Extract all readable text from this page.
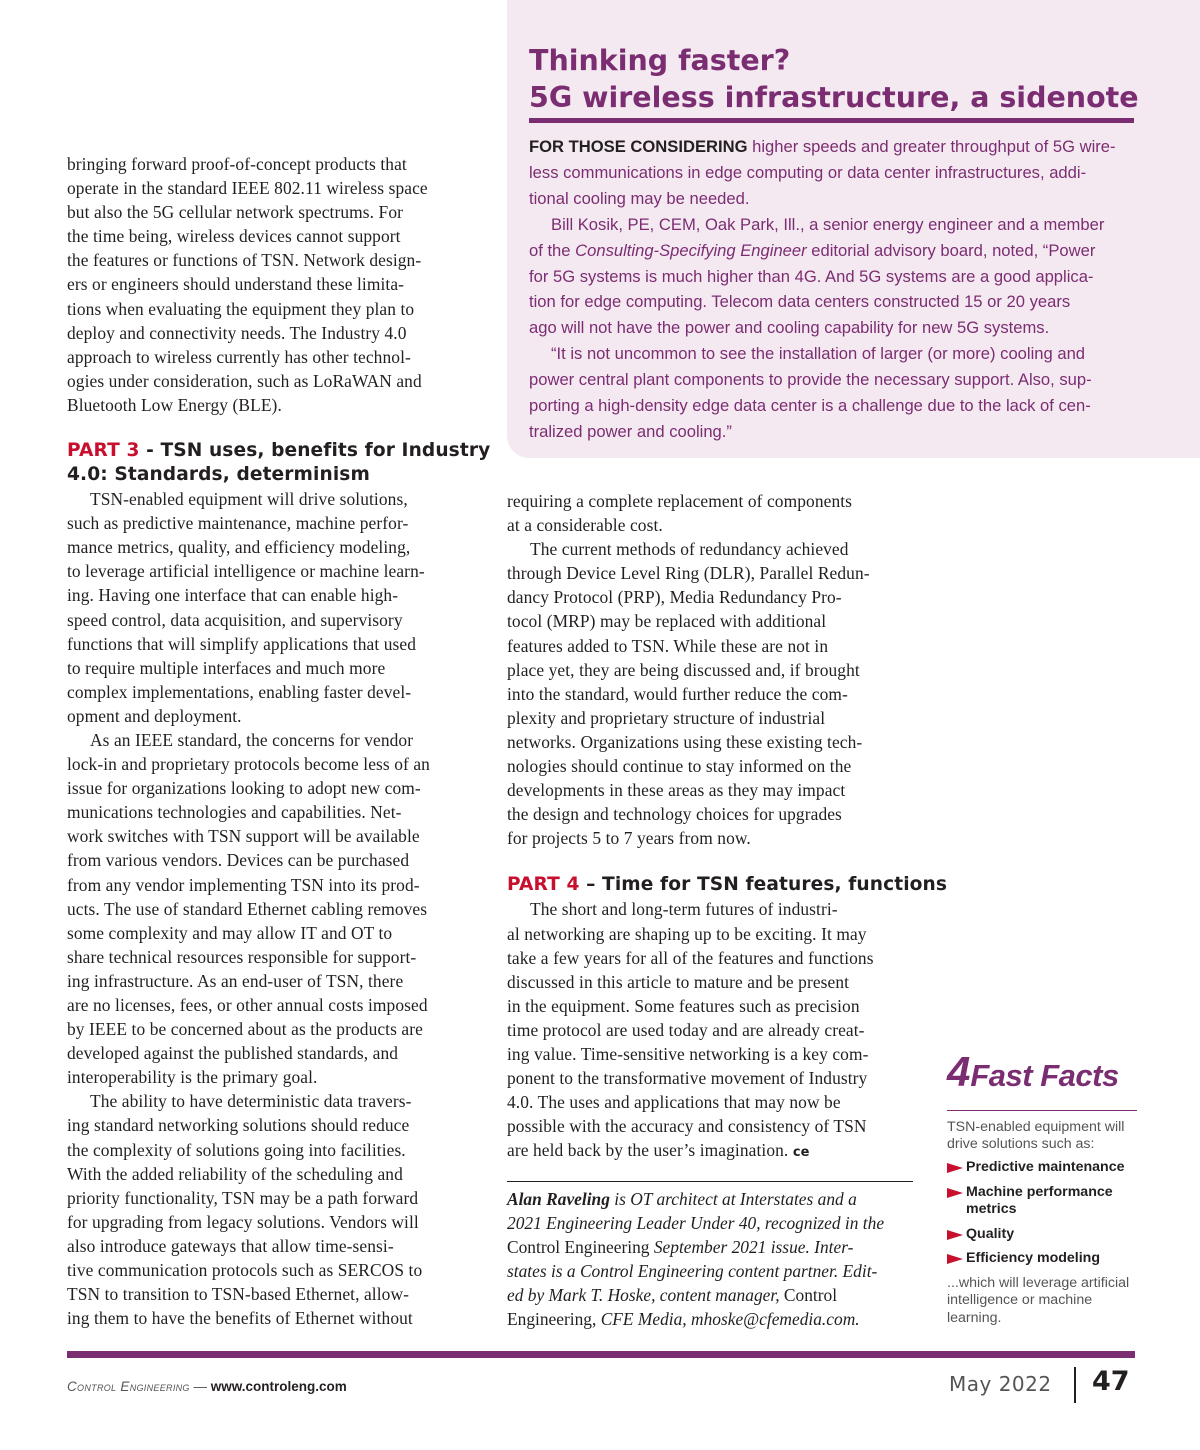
Thinking faster?
5G wireless infrastructure, a sidenote
FOR THOSE CONSIDERING higher speeds and greater throughput of 5G wire-
less communications in edge computing or data center infrastructures, addi-
tional cooling may be needed.
Bill Kosik, PE, CEM, Oak Park, Ill., a senior energy engineer and a member
of the Consulting-Specifying Engineer editorial advisory board, noted, “Power
for 5G systems is much higher than 4G. And 5G systems are a good applica-
tion for edge computing. Telecom data centers constructed 15 or 20 years
ago will not have the power and cooling capability for new 5G systems.
“It is not uncommon to see the installation of larger (or more) cooling and
power central plant components to provide the necessary support. Also, sup-
porting a high-density edge data center is a challenge due to the lack of cen-
tralized power and cooling.”
bringing forward proof-of-concept products that
operate in the standard IEEE 802.11 wireless space
but also the 5G cellular network spectrums. For
the time being, wireless devices cannot support
the features or functions of TSN. Network design-
ers or engineers should understand these limita-
tions when evaluating the equipment they plan to
deploy and connectivity needs. The Industry 4.0
approach to wireless currently has other technol-
ogies under consideration, such as LoRaWAN and
Bluetooth Low Energy (BLE).
PART 3 - TSN uses, benefits for Industry
4.0: Standards, determinism
TSN-enabled equipment will drive solutions,
such as predictive maintenance, machine perfor-
mance metrics, quality, and efficiency modeling,
to leverage artificial intelligence or machine learn-
ing. Having one interface that can enable high-
speed control, data acquisition, and supervisory
functions that will simplify applications that used
to require multiple interfaces and much more
complex implementations, enabling faster devel-
opment and deployment.
As an IEEE standard, the concerns for vendor
lock-in and proprietary protocols become less of an
issue for organizations looking to adopt new com-
munications technologies and capabilities. Net-
work switches with TSN support will be available
from various vendors. Devices can be purchased
from any vendor implementing TSN into its prod-
ucts. The use of standard Ethernet cabling removes
some complexity and may allow IT and OT to
share technical resources responsible for support-
ing infrastructure. As an end-user of TSN, there
are no licenses, fees, or other annual costs imposed
by IEEE to be concerned about as the products are
developed against the published standards, and
interoperability is the primary goal.
The ability to have deterministic data travers-
ing standard networking solutions should reduce
the complexity of solutions going into facilities.
With the added reliability of the scheduling and
priority functionality, TSN may be a path forward
for upgrading from legacy solutions. Vendors will
also introduce gateways that allow time-sensi-
tive communication protocols such as SERCOS to
TSN to transition to TSN-based Ethernet, allow-
ing them to have the benefits of Ethernet without
requiring a complete replacement of components
at a considerable cost.
The current methods of redundancy achieved
through Device Level Ring (DLR), Parallel Redun-
dancy Protocol (PRP), Media Redundancy Pro-
tocol (MRP) may be replaced with additional
features added to TSN. While these are not in
place yet, they are being discussed and, if brought
into the standard, would further reduce the com-
plexity and proprietary structure of industrial
networks. Organizations using these existing tech-
nologies should continue to stay informed on the
developments in these areas as they may impact
the design and technology choices for upgrades
for projects 5 to 7 years from now.
PART 4 – Time for TSN features, functions
The short and long-term futures of industri-
al networking are shaping up to be exciting. It may
take a few years for all of the features and functions
discussed in this article to mature and be present
in the equipment. Some features such as precision
time protocol are used today and are already creat-
ing value. Time-sensitive networking is a key com-
ponent to the transformative movement of Industry
4.0. The uses and applications that may now be
possible with the accuracy and consistency of TSN
are held back by the user’s imagination. ce
Alan Raveling is OT architect at Interstates and a
2021 Engineering Leader Under 40, recognized in the
Control Engineering September 2021 issue. Inter-
states is a Control Engineering content partner. Edit-
ed by Mark T. Hoske, content manager, Control
Engineering, CFE Media, mhoske@cfemedia.com.
4Fast Facts
TSN-enabled equipment will drive solutions such as:
Predictive maintenance
Machine performance metrics
Quality
Efficiency modeling
...which will leverage artificial intelligence or machine learning.
Control Engineering — www.controleng.com	May 2022 47
